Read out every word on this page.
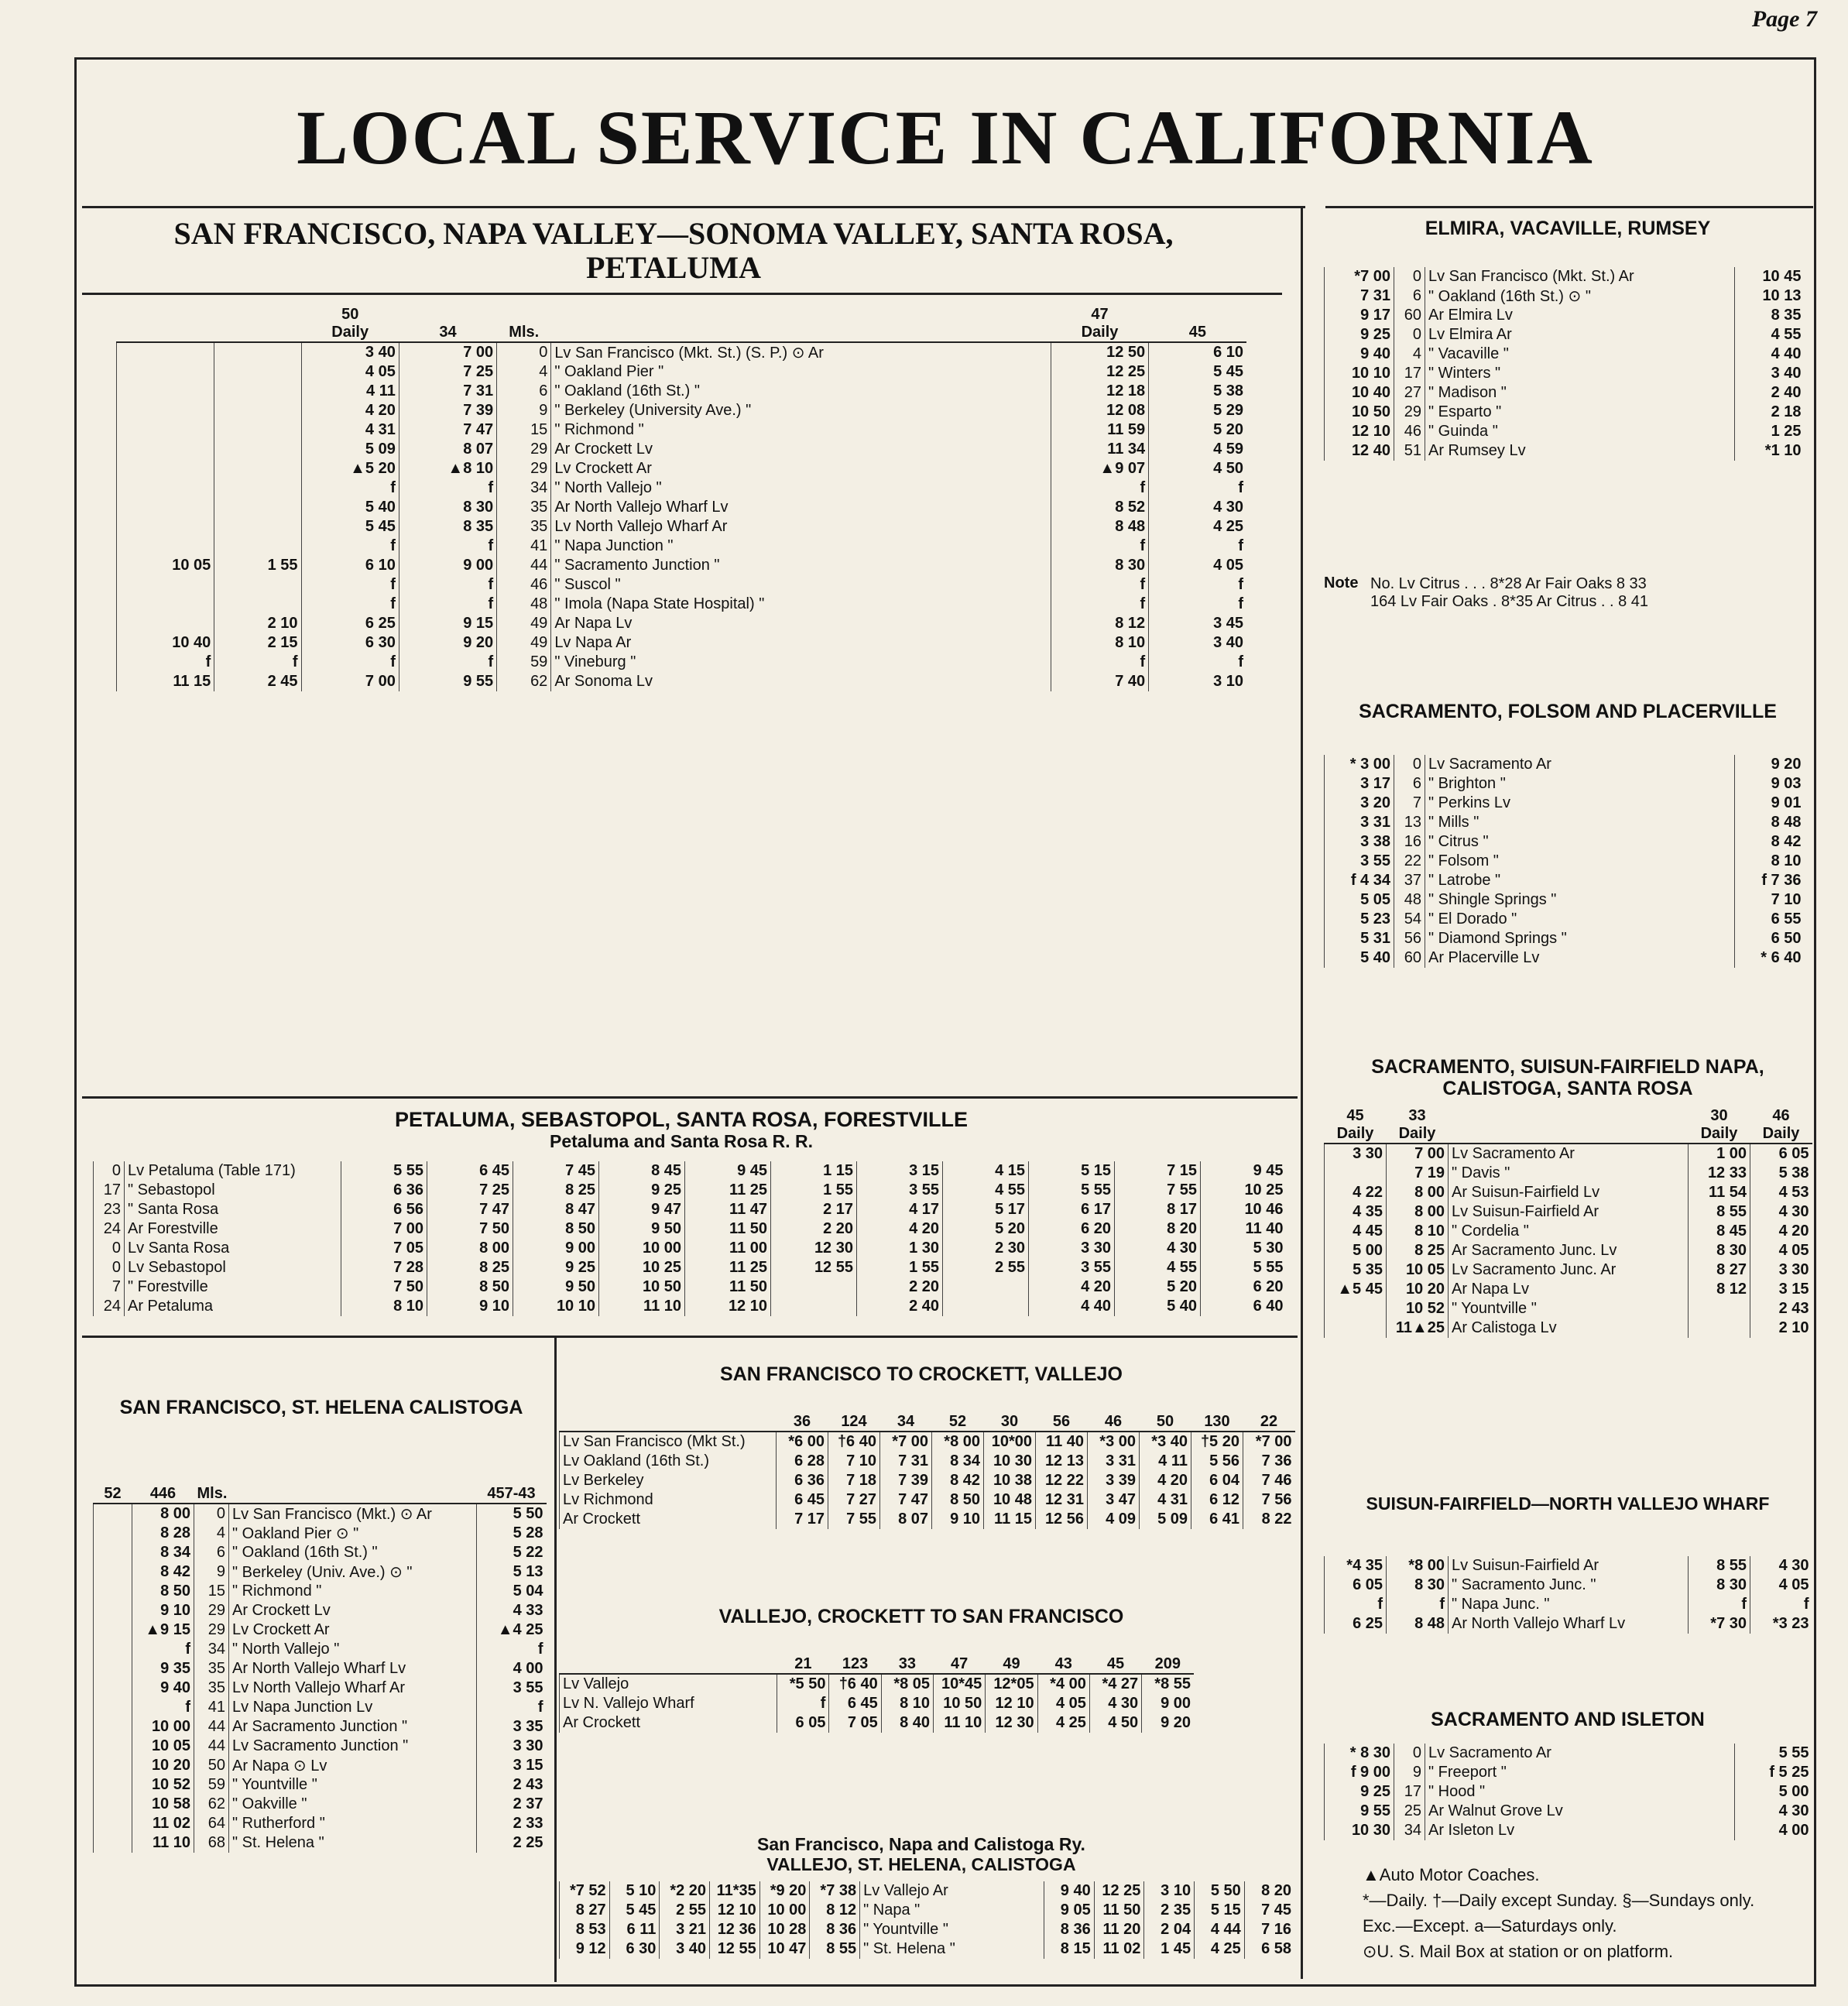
Page 7
LOCAL SERVICE IN CALIFORNIA
SAN FRANCISCO, NAPA VALLEY—SONOMA VALLEY, SANTA ROSA, PETALUMA
		50
Daily	34	Mls.		47
Daily	45
		3 40	7 00	0	Lv San Francisco (Mkt. St.) (S. P.) ⊙ Ar	12 50	6 10
		4 05	7 25	4	" Oakland Pier "	12 25	5 45
		4 11	7 31	6	" Oakland (16th St.) "	12 18	5 38
		4 20	7 39	9	" Berkeley (University Ave.) "	12 08	5 29
		4 31	7 47	15	" Richmond "	11 59	5 20
		5 09	8 07	29	Ar Crockett Lv	11 34	4 59
		▲5 20	▲8 10	29	Lv Crockett Ar	▲9 07	4 50
		f	f	34	" North Vallejo "	f	f
		5 40	8 30	35	Ar North Vallejo Wharf Lv	8 52	4 30
		5 45	8 35	35	Lv North Vallejo Wharf Ar	8 48	4 25
		f	f	41	" Napa Junction "	f	f
10 05	1 55	6 10	9 00	44	" Sacramento Junction "	8 30	4 05
		f	f	46	" Suscol "	f	f
		f	f	48	" Imola (Napa State Hospital) "	f	f
	2 10	6 25	9 15	49	Ar Napa Lv	8 12	3 45
10 40	2 15	6 30	9 20	49	Lv Napa Ar	8 10	3 40
f	f	f	f	59	" Vineburg "	f	f
11 15	2 45	7 00	9 55	62	Ar Sonoma Lv	7 40	3 10
ELMIRA, VACAVILLE, RUMSEY
*7 00	0	Lv San Francisco (Mkt. St.) Ar	10 45
7 31	6	" Oakland (16th St.) ⊙ "	10 13
9 17	60	Ar Elmira Lv	8 35
9 25	0	Lv Elmira Ar	4 55
9 40	4	" Vacaville "	4 40
10 10	17	" Winters "	3 40
10 40	27	" Madison "	2 40
10 50	29	" Esparto "	2 18
12 10	46	" Guinda "	1 25
12 40	51	Ar Rumsey Lv	*1 10
Note No. Lv Citrus . . . 8*28 Ar Fair Oaks 8 33
164 Lv Fair Oaks . 8*35 Ar Citrus . . 8 41
SACRAMENTO, FOLSOM AND PLACERVILLE
* 3 00	0	Lv Sacramento Ar	9 20
3 17	6	" Brighton "	9 03
3 20	7	" Perkins Lv	9 01
3 31	13	" Mills "	8 48
3 38	16	" Citrus "	8 42
3 55	22	" Folsom "	8 10
f 4 34	37	" Latrobe "	f 7 36
5 05	48	" Shingle Springs "	7 10
5 23	54	" El Dorado "	6 55
5 31	56	" Diamond Springs "	6 50
5 40	60	Ar Placerville Lv	* 6 40
PETALUMA, SEBASTOPOL, SANTA ROSA, FORESTVILLE
Petaluma and Santa Rosa R. R.
0	Lv Petaluma (Table 171)	5 55	6 45	7 45	8 45	9 45	1 15	3 15	4 15	5 15	7 15	9 45
17	" Sebastopol	6 36	7 25	8 25	9 25	11 25	1 55	3 55	4 55	5 55	7 55	10 25
23	" Santa Rosa	6 56	7 47	8 47	9 47	11 47	2 17	4 17	5 17	6 17	8 17	10 46
24	Ar Forestville	7 00	7 50	8 50	9 50	11 50	2 20	4 20	5 20	6 20	8 20	11 40
0	Lv Santa Rosa	7 05	8 00	9 00	10 00	11 00	12 30	1 30	2 30	3 30	4 30	5 30
0	Lv Sebastopol	7 28	8 25	9 25	10 25	11 25	12 55	1 55	2 55	3 55	4 55	5 55
7	" Forestville	7 50	8 50	9 50	10 50	11 50		2 20		4 20	5 20	6 20
24	Ar Petaluma	8 10	9 10	10 10	11 10	12 10		2 40		4 40	5 40	6 40
SAN FRANCISCO, ST. HELENA CALISTOGA
52	446	Mls.		457-43
	8 00	0	Lv San Francisco (Mkt.) ⊙ Ar	5 50
	8 28	4	" Oakland Pier ⊙ "	5 28
	8 34	6	" Oakland (16th St.) "	5 22
	8 42	9	" Berkeley (Univ. Ave.) ⊙ "	5 13
	8 50	15	" Richmond "	5 04
	9 10	29	Ar Crockett Lv	4 33
	▲9 15	29	Lv Crockett Ar	▲4 25
	f	34	" North Vallejo "	f
	9 35	35	Ar North Vallejo Wharf Lv	4 00
	9 40	35	Lv North Vallejo Wharf Ar	3 55
	f	41	Lv Napa Junction Lv	f
	10 00	44	Ar Sacramento Junction "	3 35
	10 05	44	Lv Sacramento Junction "	3 30
	10 20	50	Ar Napa ⊙ Lv	3 15
	10 52	59	" Yountville "	2 43
	10 58	62	" Oakville "	2 37
	11 02	64	" Rutherford "	2 33
	11 10	68	" St. Helena "	2 25
SAN FRANCISCO TO CROCKETT, VALLEJO
	36	124	34	52	30	56	46	50	130	22
Lv San Francisco (Mkt St.)	*6 00	†6 40	*7 00	*8 00	10*00	11 40	*3 00	*3 40	†5 20	*7 00
Lv Oakland (16th St.)	6 28	7 10	7 31	8 34	10 30	12 13	3 31	4 11	5 56	7 36
Lv Berkeley	6 36	7 18	7 39	8 42	10 38	12 22	3 39	4 20	6 04	7 46
Lv Richmond	6 45	7 27	7 47	8 50	10 48	12 31	3 47	4 31	6 12	7 56
Ar Crockett	7 17	7 55	8 07	9 10	11 15	12 56	4 09	5 09	6 41	8 22
VALLEJO, CROCKETT TO SAN FRANCISCO
	21	123	33	47	49	43	45	209
Lv Vallejo	*5 50	†6 40	*8 05	10*45	12*05	*4 00	*4 27	*8 55
Lv N. Vallejo Wharf	f	6 45	8 10	10 50	12 10	4 05	4 30	9 00
Ar Crockett	6 05	7 05	8 40	11 10	12 30	4 25	4 50	9 20
San Francisco, Napa and Calistoga Ry.
VALLEJO, ST. HELENA, CALISTOGA
*7 52	5 10	*2 20	11*35	*9 20	*7 38	Lv Vallejo Ar	9 40	12 25	3 10	5 50	8 20
8 27	5 45	2 55	12 10	10 00	8 12	" Napa "	9 05	11 50	2 35	5 15	7 45
8 53	6 11	3 21	12 36	10 28	8 36	" Yountville "	8 36	11 20	2 04	4 44	7 16
9 12	6 30	3 40	12 55	10 47	8 55	" St. Helena "	8 15	11 02	1 45	4 25	6 58
SACRAMENTO, SUISUN-FAIRFIELD NAPA, CALISTOGA, SANTA ROSA
45
Daily	33
Daily		30
Daily	46
Daily
3 30	7 00	Lv Sacramento Ar	1 00	6 05
	7 19	" Davis "	12 33	5 38
4 22	8 00	Ar Suisun-Fairfield Lv	11 54	4 53
4 35	8 00	Lv Suisun-Fairfield Ar	8 55	4 30
4 45	8 10	" Cordelia "	8 45	4 20
5 00	8 25	Ar Sacramento Junc. Lv	8 30	4 05
5 35	10 05	Lv Sacramento Junc. Ar	8 27	3 30
▲5 45	10 20	Ar Napa Lv	8 12	3 15
	10 52	" Yountville "		2 43
	11▲25	Ar Calistoga Lv		2 10
SUISUN-FAIRFIELD—NORTH VALLEJO WHARF
*4 35	*8 00	Lv Suisun-Fairfield Ar	8 55	4 30
6 05	8 30	" Sacramento Junc. "	8 30	4 05
f	f	" Napa Junc. "	f	f
6 25	8 48	Ar North Vallejo Wharf Lv	*7 30	*3 23
SACRAMENTO AND ISLETON
* 8 30	0	Lv Sacramento Ar	5 55
f 9 00	9	" Freeport "	f 5 25
9 25	17	" Hood "	5 00
9 55	25	Ar Walnut Grove Lv	4 30
10 30	34	Ar Isleton Lv	4 00
▲Auto Motor Coaches.
*—Daily. †—Daily except Sunday. §—Sundays only.
Exc.—Except. a—Saturdays only.
⊙U. S. Mail Box at station or on platform.
